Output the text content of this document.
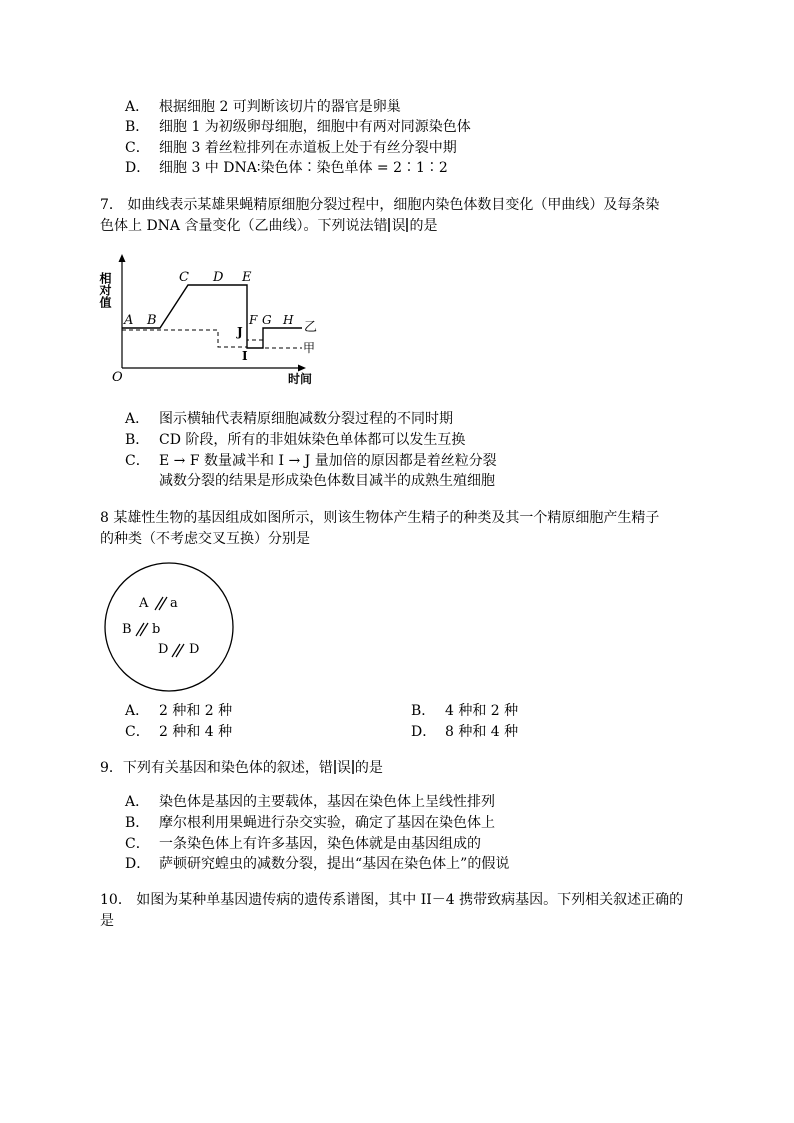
A． 根据细胞 2 可判断该切片的器官是卵巢
B． 细胞 1 为初级卵母细胞，细胞中有两对同源染色体
C． 细胞 3 着丝粒排列在赤道板上处于有丝分裂中期
D． 细胞 3 中 DNA∶染色体∶染色单体 = 2∶1∶2
7． 如曲线表示某雄果蝇精原细胞分裂过程中，细胞内染色体数目变化（甲曲线）及每条染
色体上 DNA 含量变化（乙曲线）。下列说法错 误 的是
相对值
O	时间
A B
C D E
F G H
I
J	乙
甲
A． 图示横轴代表精原细胞减数分裂过程的不同时期
B． CD 阶段，所有的非姐妹染色单体都可以发生互换
C． E → F 数量减半和 I → J 量加倍的原因都是着丝粒分裂
减数分裂的结果是形成染色体数目减半的成熟生殖细胞
8 某雄性生物的基因组成如图所示，则该生物体产生精子的种类及其一个精原细胞产生精子
的种类（不考虑交叉互换）分别是
A a
B b
D D
A． 2 种和 2 种	B． 4 种和 2 种
C． 2 种和 4 种	D． 8 种和 4 种
9．下列有关基因和染色体的叙述，错 误 的是
A． 染色体是基因的主要载体，基因在染色体上呈线性排列
B． 摩尔根利用果蝇进行杂交实验，确定了基因在染色体上
C． 一条染色体上有许多基因，染色体就是由基因组成的
D． 萨顿研究蝗虫的减数分裂，提出“基因在染色体上”的假说
10． 如图为某种单基因遗传病的遗传系谱图，其中 II－4 携带致病基因。下列相关叙述正确的
是
